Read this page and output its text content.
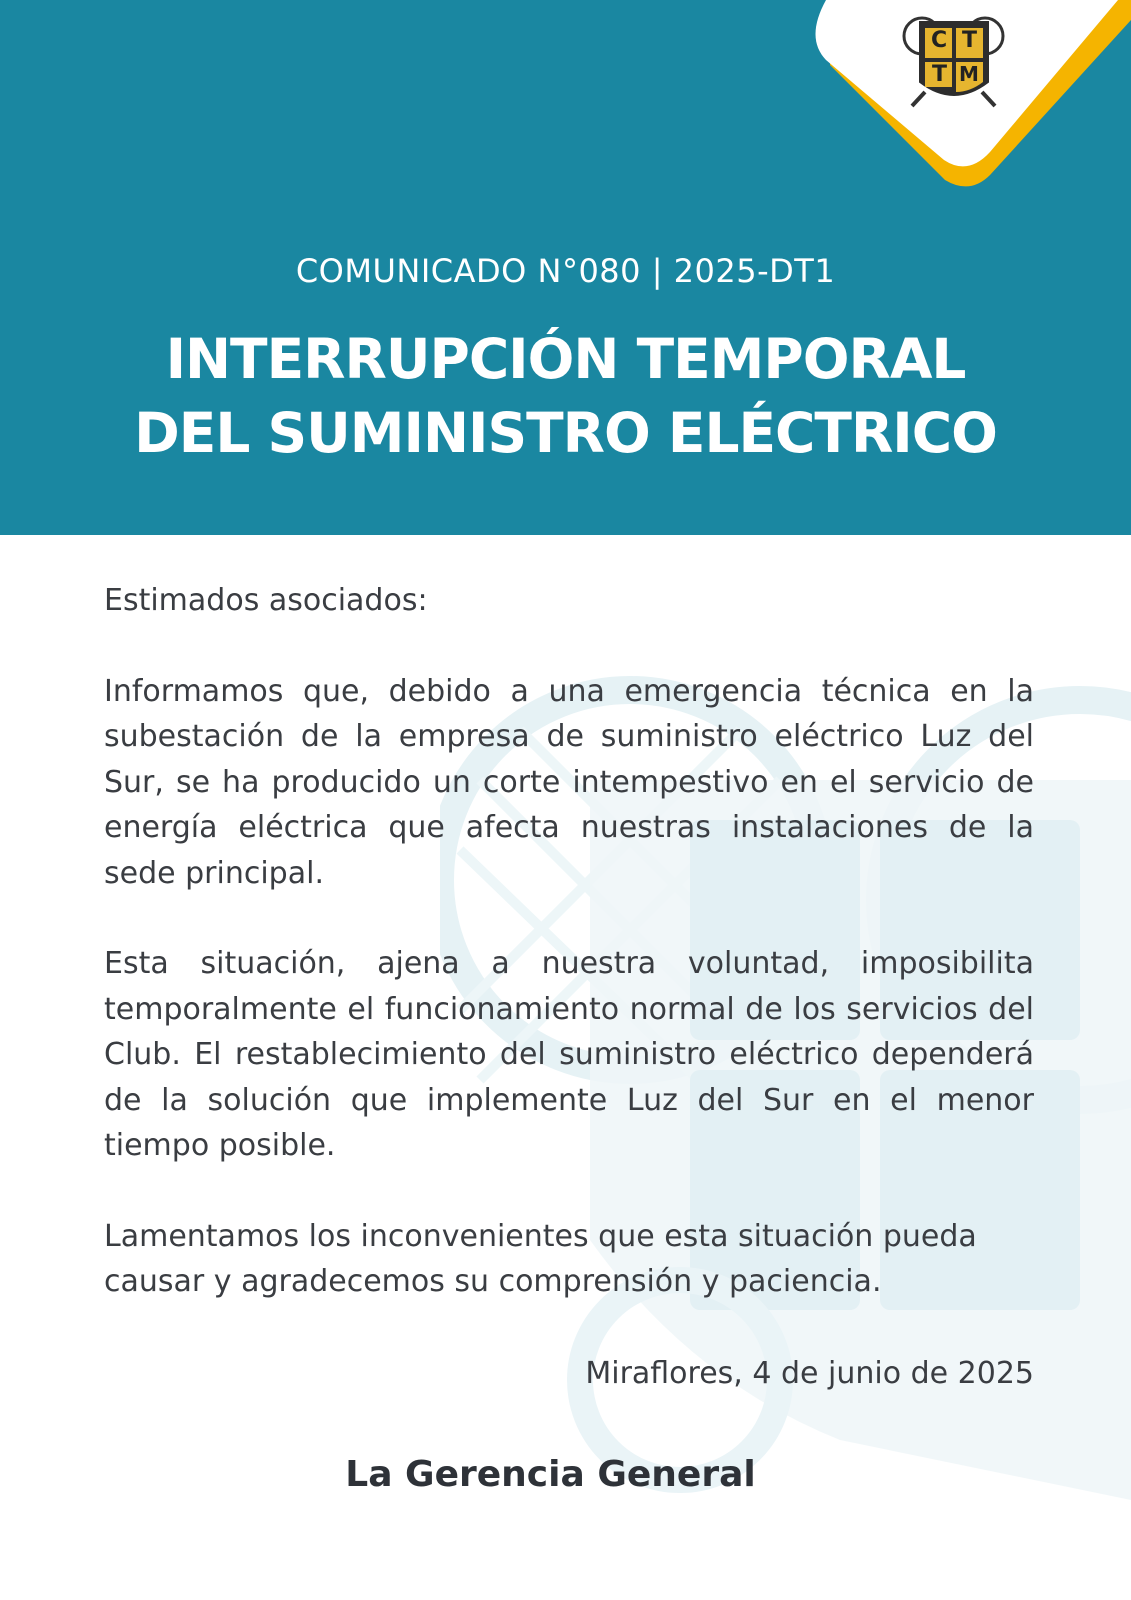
C T
T M
COMUNICADO N°080 | 2025-DT1
INTERRUPCIÓN TEMPORAL
DEL SUMINISTRO ELÉCTRICO

Estimados asociados:

Informamos que, debido a una emergencia técnica en la subestación de la empresa de suministro eléctrico Luz del Sur, se ha producido un corte intempestivo en el servicio de energía eléctrica que afecta nuestras instalaciones de la sede principal.

Esta situación, ajena a nuestra voluntad, imposibilita temporalmente el funcionamiento normal de los servicios del Club. El restablecimiento del suministro eléctrico dependerá de la solución que implemente Luz del Sur en el menor tiempo posible.

Lamentamos los inconvenientes que esta situación pueda causar y agradecemos su comprensión y paciencia.

Miraflores, 4 de junio de 2025
La Gerencia General
